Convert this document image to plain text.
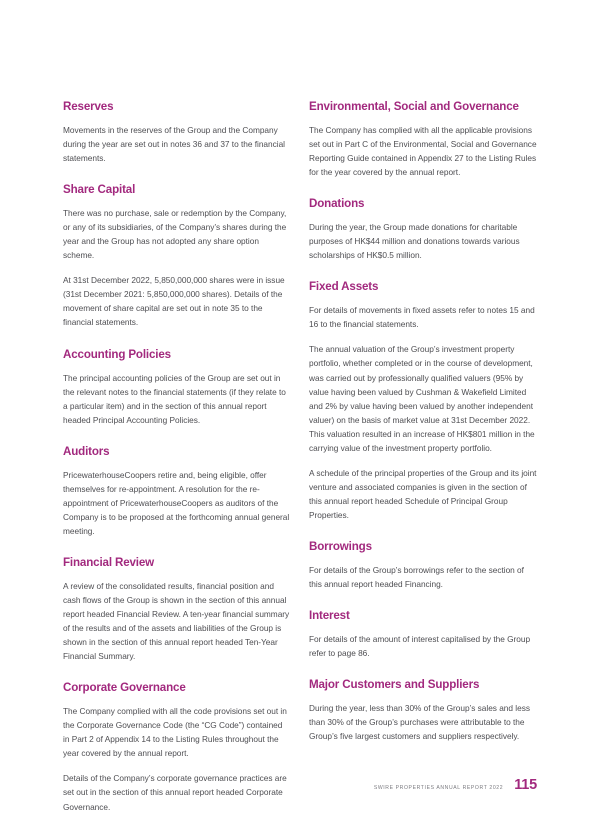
Reserves

Movements in the reserves of the Group and the Company during the year are set out in notes 36 and 37 to the financial statements.

Share Capital

There was no purchase, sale or redemption by the Company, or any of its subsidiaries, of the Company’s shares during the year and the Group has not adopted any share option scheme.

At 31st December 2022, 5,850,000,000 shares were in issue (31st December 2021: 5,850,000,000 shares). Details of the movement of share capital are set out in note 35 to the financial statements.

Accounting Policies

The principal accounting policies of the Group are set out in the relevant notes to the financial statements (if they relate to a particular item) and in the section of this annual report headed Principal Accounting Policies.

Auditors

PricewaterhouseCoopers retire and, being eligible, offer themselves for re-appointment. A resolution for the re-appointment of PricewaterhouseCoopers as auditors of the Company is to be proposed at the forthcoming annual general meeting.

Financial Review

A review of the consolidated results, financial position and cash flows of the Group is shown in the section of this annual report headed Financial Review. A ten-year financial summary of the results and of the assets and liabilities of the Group is shown in the section of this annual report headed Ten-Year Financial Summary.

Corporate Governance

The Company complied with all the code provisions set out in the Corporate Governance Code (the “CG Code”) contained in Part 2 of Appendix 14 to the Listing Rules throughout the year covered by the annual report.

Details of the Company’s corporate governance practices are set out in the section of this annual report headed Corporate Governance.

Environmental, Social and Governance

The Company has complied with all the applicable provisions set out in Part C of the Environmental, Social and Governance Reporting Guide contained in Appendix 27 to the Listing Rules for the year covered by the annual report.

Donations

During the year, the Group made donations for charitable purposes of HK$44 million and donations towards various scholarships of HK$0.5 million.

Fixed Assets

For details of movements in fixed assets refer to notes 15 and 16 to the financial statements.

The annual valuation of the Group’s investment property portfolio, whether completed or in the course of development, was carried out by professionally qualified valuers (95% by value having been valued by Cushman & Wakefield Limited and 2% by value having been valued by another independent valuer) on the basis of market value at 31st December 2022. This valuation resulted in an increase of HK$801 million in the carrying value of the investment property portfolio.

A schedule of the principal properties of the Group and its joint venture and associated companies is given in the section of this annual report headed Schedule of Principal Group Properties.

Borrowings

For details of the Group’s borrowings refer to the section of this annual report headed Financing.

Interest

For details of the amount of interest capitalised by the Group refer to page 86.

Major Customers and Suppliers

During the year, less than 30% of the Group’s sales and less than 30% of the Group’s purchases were attributable to the Group’s five largest customers and suppliers respectively.

SWIRE PROPERTIES ANNUAL REPORT 2022 115
